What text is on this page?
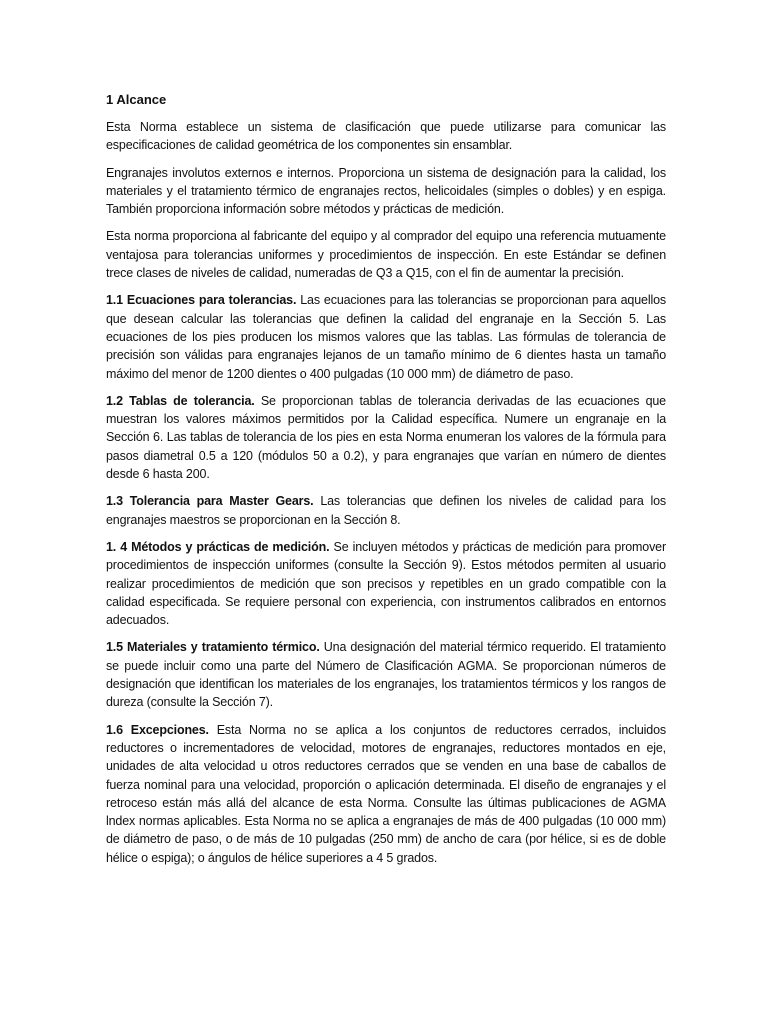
1 Alcance

Esta Norma establece un sistema de clasificación que puede utilizarse para comunicar las especificaciones de calidad geométrica de los componentes sin ensamblar.

Engranajes involutos externos e internos. Proporciona un sistema de designación para la calidad, los materiales y el tratamiento térmico de engranajes rectos, helicoidales (simples o dobles) y en espiga. También proporciona información sobre métodos y prácticas de medición.

Esta norma proporciona al fabricante del equipo y al comprador del equipo una referencia mutuamente ventajosa para tolerancias uniformes y procedimientos de inspección. En este Estándar se definen trece clases de niveles de calidad, numeradas de Q3 a Q15, con el fin de aumentar la precisión.

1.1 Ecuaciones para tolerancias. Las ecuaciones para las tolerancias se proporcionan para aquellos que desean calcular las tolerancias que definen la calidad del engranaje en la Sección 5. Las ecuaciones de los pies producen los mismos valores que las tablas. Las fórmulas de tolerancia de precisión son válidas para engranajes lejanos de un tamaño mínimo de 6 dientes hasta un tamaño máximo del menor de 1200 dientes o 400 pulgadas (10 000 mm) de diámetro de paso.

1.2 Tablas de tolerancia. Se proporcionan tablas de tolerancia derivadas de las ecuaciones que muestran los valores máximos permitidos por la Calidad específica. Numere un engranaje en la Sección 6. Las tablas de tolerancia de los pies en esta Norma enumeran los valores de la fórmula para pasos diametral 0.5 a 120 (módulos 50 a 0.2), y para engranajes que varían en número de dientes desde 6 hasta 200.

1.3 Tolerancia para Master Gears. Las tolerancias que definen los niveles de calidad para los engranajes maestros se proporcionan en la Sección 8.

1. 4 Métodos y prácticas de medición. Se incluyen métodos y prácticas de medición para promover procedimientos de inspección uniformes (consulte la Sección 9). Estos métodos permiten al usuario realizar procedimientos de medición que son precisos y repetibles en un grado compatible con la calidad especificada. Se requiere personal con experiencia, con instrumentos calibrados en entornos adecuados.

1.5 Materiales y tratamiento térmico. Una designación del material térmico requerido. El tratamiento se puede incluir como una parte del Número de Clasificación AGMA. Se proporcionan números de designación que identifican los materiales de los engranajes, los tratamientos térmicos y los rangos de dureza (consulte la Sección 7).

1.6 Excepciones. Esta Norma no se aplica a los conjuntos de reductores cerrados, incluidos reductores o incrementadores de velocidad, motores de engranajes, reductores montados en eje, unidades de alta velocidad u otros reductores cerrados que se venden en una base de caballos de fuerza nominal para una velocidad, proporción o aplicación determinada. El diseño de engranajes y el retroceso están más allá del alcance de esta Norma. Consulte las últimas publicaciones de AGMA lndex normas aplicables. Esta Norma no se aplica a engranajes de más de 400 pulgadas (10 000 mm) de diámetro de paso, o de más de 10 pulgadas (250 mm) de ancho de cara (por hélice, si es de doble hélice o espiga); o ángulos de hélice superiores a 4 5 grados.
